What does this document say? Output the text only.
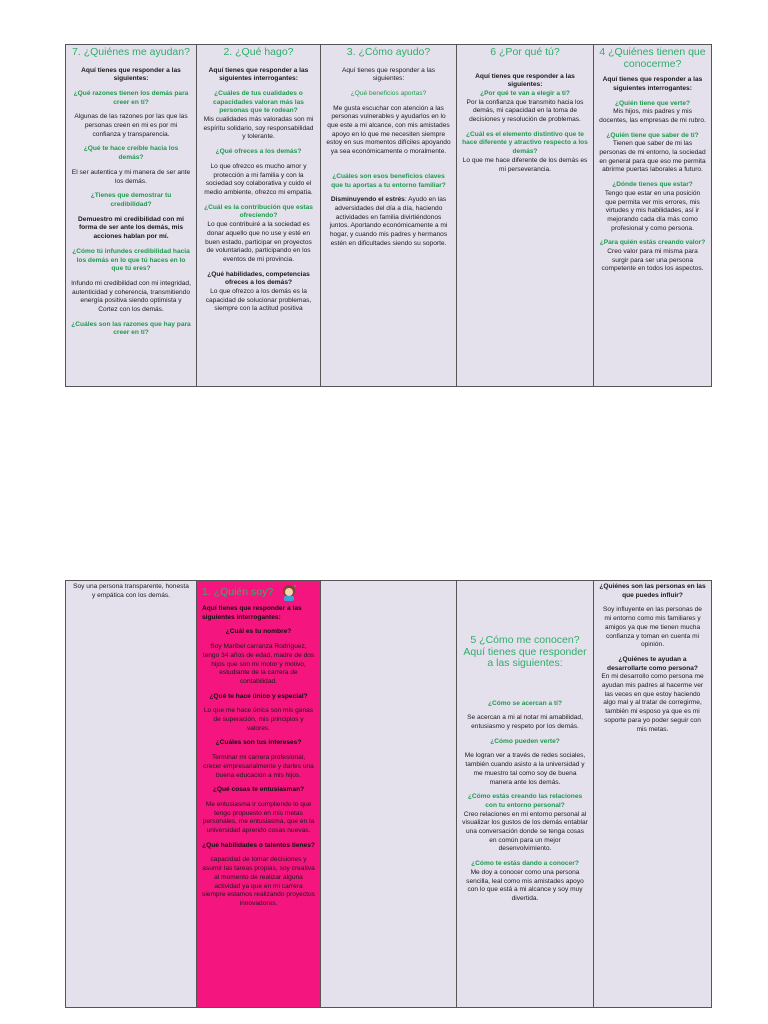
7. ¿Quiénes me ayudan?

Aquí tienes que responder a las siguientes:

¿Qué razones tienen los demás para creer en tí?

Algunas de las razones por las que las personas creen en mi es por mi confianza y transparencia.

¿Qué te hace creíble hacia los demás?

El ser autentica y mi manera de ser ante los demás.

¿Tienes que demostrar tu credibilidad?

Demuestro mi credibilidad con mi forma de ser ante los demás, mis acciones hablan por mí.

¿Cómo tú infundes credibilidad hacia los demás en lo que tú haces en lo que tú eres?

Infundo mi credibilidad con mi integridad, autenticidad y coherencia, transmitiendo energía positiva siendo optimista y Cortez con los demás.

¿Cuáles son las razones que hay para creer en tí?

2. ¿Qué hago?

Aquí tienes que responder a las siguientes interrogantes:

¿Cuáles de tus cualidades o capacidades valoran más las personas que te rodean?

Mis cualidades más valoradas son mi espíritu solidario, soy responsabilidad y tolerante.

¿Qué ofreces a los demás?

Lo que ofrezco es mucho amor y protección a mi familia y con la sociedad soy colaborativa y cuido el medio ambiente, ofrezco mi empatía.

¿Cuál es la contribución que estas ofreciendo?

Lo que contribuiré a la sociedad es donar aquello que no use y esté en buen estado, participar en proyectos de voluntariado, participando en los eventos de mi provincia.

¿Qué habilidades, competencias ofreces a los demás?

Lo que ofrezco a los demás es la capacidad de solucionar problemas, siempre con la actitud positiva

3. ¿Cómo ayudo?

Aquí tienes que responder a las siguientes:

¿Qué beneficios aportas?

Me gusta escuchar con atención a las personas vulnerables y ayudarlos en lo que este a mi alcance, con mis amistades apoyo en lo que me necesiten siempre estoy en sus momentos difíciles apoyando ya sea económicamente o moralmente.

¿Cuáles son esos beneficios claves que tu aportas a tu entorno familiar?

Disminuyendo el estrés: Ayudo en las adversidades del día a día, haciendo actividades en familia divirtiéndonos juntos. Aportando económicamente a mi hogar, y cuando mis padres y hermanos estén en dificultades siendo su soporte.

6 ¿Por qué tú?

Aquí tienes que responder a las siguientes:

¿Por qué te van a elegir a tí?

Por la confianza que transmito hacia los demás, mi capacidad en la toma de decisiones y resolución de problemas.

¿Cuál es el elemento distintivo que te hace diferente y atractivo respecto a los demás?

Lo que me hace diferente de los demás es mi perseverancia.

4 ¿Quiénes tienen que conocerme?

Aquí tienes que responder a las siguientes interrogantes:

¿Quién tiene que verte?

Mis hijos, mis padres y mis docentes, las empresas de mi rubro.

¿Quién tiene que saber de tí?

Tienen que saber de mi las personas de mi entorno, la sociedad en general para que eso me permita abrirme puertas laborales a futuro.

¿Dónde tienes que estar?

Tengo que estar en una posición que permita ver mis errores, mis virtudes y mis habilidades, así ir mejorando cada día más como profesional y como persona.

¿Para quién estás creando valor?

Creo valor para mi misma para surgir para ser una persona competente en todos los aspectos.

Soy una persona transparente, honesta y empática con los demás.	1. ¿Quién soy?

Aquí tienes que responder a las siguientes interrogantes:

¿Cuál es tu nombre?

Soy Maribel carranza Rodríguez, tengo 34 años de edad, madre de dos hijos que son mi motor y motivo, estudiante de la carrera de contabilidad.

¿Qué te hace único y especial?

Lo que me hace única son mis ganas de superación, mis principios y valores.

¿Cuáles son tus intereses?

Terminar mi carrera profesional, crecer empresarialmente y darles una buena educación a mis hijos.

¿Qué cosas te entusiasman?

Me entusiasma ir cumpliendo lo que tengo propuesto en mis metas personales, me entusiasma, que en la universidad aprendo cosas nuevas.

¿Qué habilidades o talentos tienes?

capacidad de tomar decisiones y asumir las tareas propias, soy creativa al momento de realizar alguna actividad ya que en mi carrera siempre estamos realizando proyectos innovadores.

5 ¿Cómo me conocen? Aquí tienes que responder a las siguientes:

¿Cómo se acercan a tí?

Se acercan a mi al notar mi amabilidad, entusiasmo y respeto por los demás.

¿Cómo pueden verte?

Me logran ver a través de redes sociales, también cuando asisto a la universidad y me muestro tal como soy de buena manera ante los demás.

¿Cómo estás creando las relaciones con tu entorno personal?

Creo relaciones en mi entorno personal al visualizar los gustos de los demás entablar una conversación donde se tenga cosas en común para un mejor desenvolvimiento.

¿Cómo te estás dando a conocer?

Me doy a conocer como una persona sencilla, leal como mis amistades apoyo con lo que está a mi alcance y soy muy divertida.

¿Quiénes son las personas en las que puedes influir?

Soy influyente en las personas de mi entorno como mis familiares y amigos ya que me tienen mucha confianza y toman en cuenta mi opinión.

¿Quiénes te ayudan a desarrollarte como persona?

En mi desarrollo como persona me ayudan mis padres al hacerme ver las veces en que estoy haciendo algo mal y al tratar de corregirme, también mi esposo ya que es mi soporte para yo poder seguir con mis metas.
